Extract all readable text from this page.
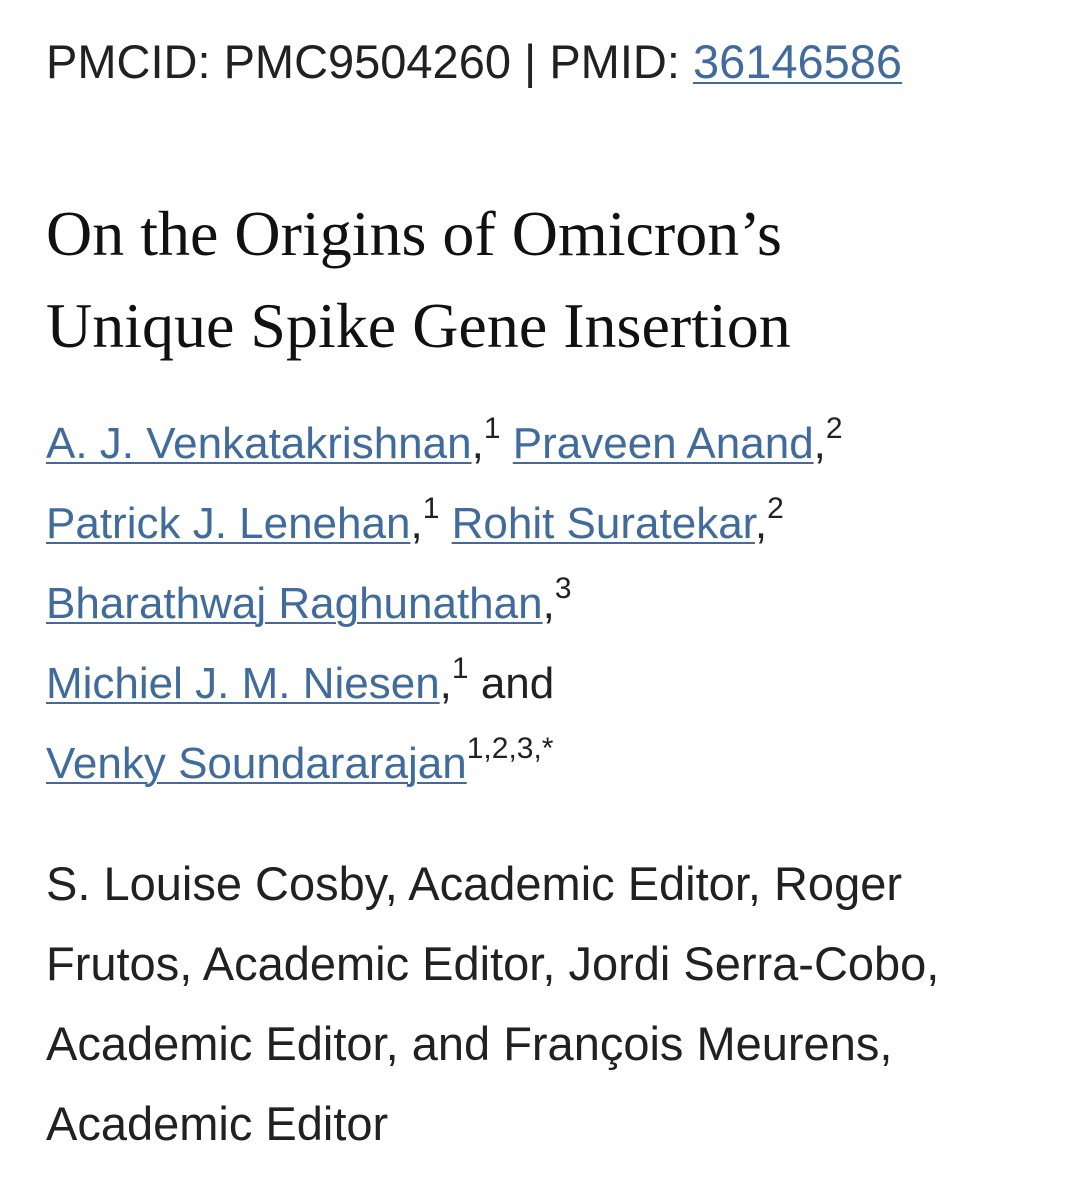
PMCID: PMC9504260 | PMID: 36146586
On the Origins of Omicron’s
Unique Spike Gene Insertion
A. J. Venkatakrishnan,$^1$ Praveen Anand,$^2$
Patrick J. Lenehan,$^1$ Rohit Suratekar,$^2$
Bharathwaj Raghunathan,$^3$
Michiel J. M. Niesen,$^1$ and
Venky Soundararajan$^{1,2,3,*}$
S. Louise Cosby, Academic Editor, Roger
Frutos, Academic Editor, Jordi Serra-Cobo,
Academic Editor, and François Meurens,
Academic Editor
